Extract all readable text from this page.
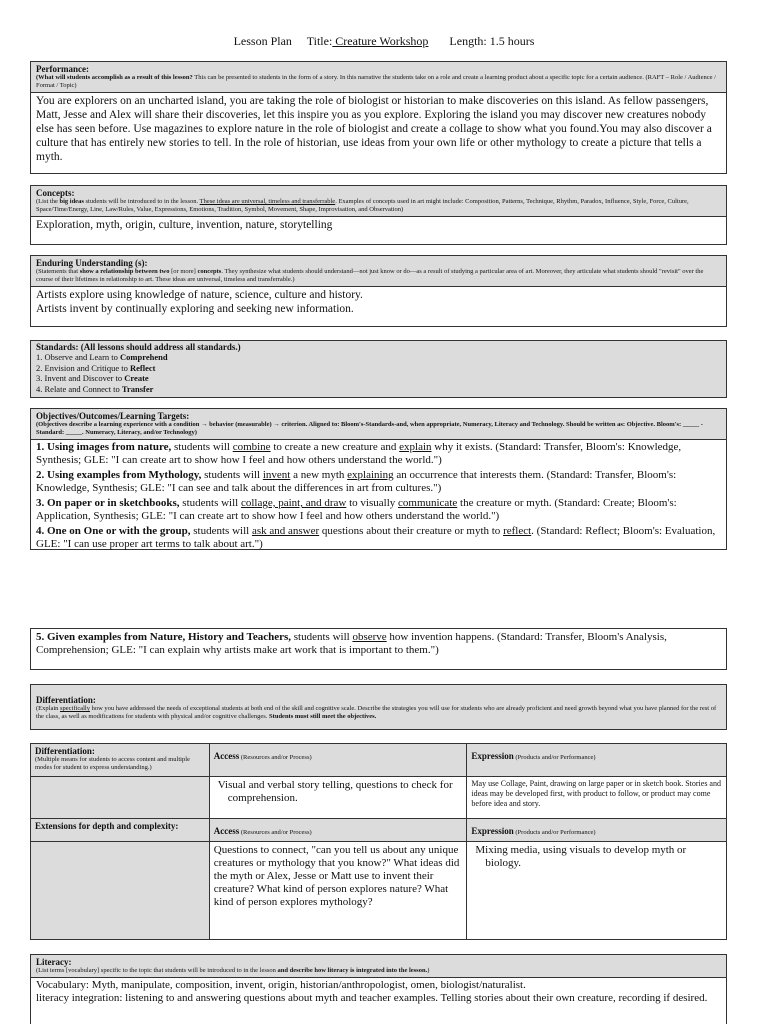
Lesson Plan Title: Creature Workshop Length: 1.5 hours
Performance:
(What will students accomplish as a result of this lesson? This can be presented to students in the form of a story. In this narrative the students take on a role and create a learning product about a specific topic for a certain audience. (RAFT – Role / Audience / Format / Topic)
You are explorers on an uncharted island, you are taking the role of biologist or historian to make discoveries on this island. As fellow passengers, Matt, Jesse and Alex will share their discoveries, let this inspire you as you explore. Exploring the island you may discover new creatures nobody else has seen before. Use magazines to explore nature in the role of biologist and create a collage to show what you found.You may also discover a culture that has entirely new stories to tell. In the role of historian, use ideas from your own life or other mythology to create a picture that tells a myth.
Concepts:
(List the big ideas students will be introduced to in the lesson. These ideas are universal, timeless and transferrable. Examples of concepts used in art might include: Composition, Patterns, Technique, Rhythm, Paradox, Influence, Style, Force, Culture, Space/Time/Energy, Line, Law/Rules, Value, Expressions, Emotions, Tradition, Symbol, Movement, Shape, Improvisation, and Observation)
Exploration, myth, origin, culture, invention, nature, storytelling
Enduring Understanding (s):
(Statements that show a relationship between two [or more] concepts. They synthesize what students should understand—not just know or do—as a result of studying a particular area of art. Moreover, they articulate what students should "revisit" over the course of their lifetimes in relationship to art. These ideas are universal, timeless and transferrable.)
Artists explore using knowledge of nature, science, culture and history.
Artists invent by continually exploring and seeking new information.
Standards: (All lessons should address all standards.)
1. Observe and Learn to Comprehend
2. Envision and Critique to Reflect
3. Invent and Discover to Create
4. Relate and Connect to Transfer
Objectives/Outcomes/Learning Targets:
(Objectives describe a learning experience with a condition → behavior (measurable) → criterion. Aligned to: Bloom's-Standards-and, when appropriate, Numeracy, Literacy and Technology. Should be written as: Objective. Bloom's: _____ - Standard: _____. Numeracy, Literacy, and/or Technology)
1. Using images from nature, students will combine to create a new creature and explain why it exists. (Standard: Transfer, Bloom's: Knowledge, Synthesis; GLE: "I can create art to show how I feel and how others understand the world.")
2. Using examples from Mythology, students will invent a new myth explaining an occurrence that interests them. (Standard: Transfer, Bloom's: Knowledge, Synthesis; GLE: "I can see and talk about the differences in art from cultures.")
3. On paper or in sketchbooks, students will collage, paint, and draw to visually communicate the creature or myth. (Standard: Create; Bloom's: Application, Synthesis; GLE: "I can create art to show how I feel and how others understand the world.")
4. One on One or with the group, students will ask and answer questions about their creature or myth to reflect. (Standard: Reflect; Bloom's: Evaluation, GLE: "I can use proper art terms to talk about art.")
5. Given examples from Nature, History and Teachers, students will observe how invention happens. (Standard: Transfer, Bloom's Analysis, Comprehension; GLE: "I can explain why artists make art work that is important to them.")
Differentiation:
(Explain specifically how you have addressed the needs of exceptional students at both end of the skill and cognitive scale. Describe the strategies you will use for students who are already proficient and need growth beyond what you have planned for the rest of the class, as well as modifications for students with physical and/or cognitive challenges. Students must still meet the objectives.
Differentiation:
(Multiple means for students to access content and multiple modes for student to express understanding.)	Access (Resources and/or Process)	Expression (Products and/or Performance)

	Visual and verbal story telling, questions to check for comprehension.	May use Collage, Paint, drawing on large paper or in sketch book. Stories and ideas may be developed first, with product to follow, or product may come before idea and story.

Extensions for depth and complexity:	Access (Resources and/or Process)	Expression (Products and/or Performance)

	Questions to connect, "can you tell us about any unique creatures or mythology that you know?" What ideas did the myth or Alex, Jesse or Matt use to invent their creature? What kind of person explores nature? What kind of person explores mythology?	Mixing media, using visuals to develop myth or biology.
Literacy:
(List terms [vocabulary] specific to the topic that students will be introduced to in the lesson and describe how literacy is integrated into the lesson.)
Vocabulary: Myth, manipulate, composition, invent, origin, historian/anthropologist, omen, biologist/naturalist.
literacy integration: listening to and answering questions about myth and teacher examples. Telling stories about their own creature, recording if desired.
